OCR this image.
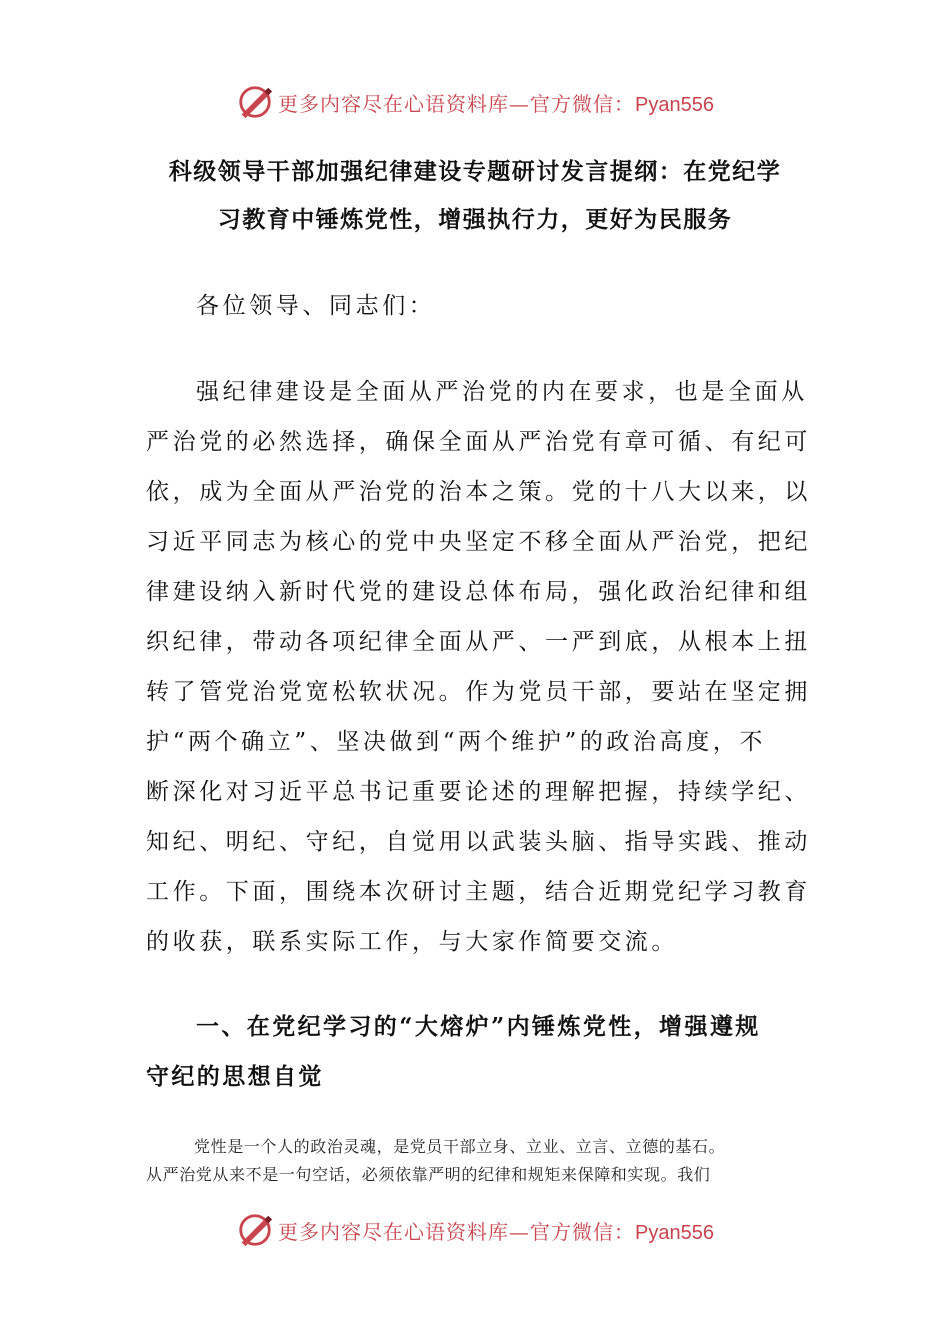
更多内容尽在心语资料库—官方微信：Pyan556
科级领导干部加强纪律建设专题研讨发言提纲：在党纪学
习教育中锤炼党性，增强执行力，更好为民服务
各位领导、同志们：
强纪律建设是全面从严治党的内在要求，也是全面从
严治党的必然选择，确保全面从严治党有章可循、有纪可
依，成为全面从严治党的治本之策。党的十八大以来，以
习近平同志为核心的党中央坚定不移全面从严治党，把纪
律建设纳入新时代党的建设总体布局，强化政治纪律和组
织纪律，带动各项纪律全面从严、一严到底，从根本上扭
转了管党治党宽松软状况。作为党员干部，要站在坚定拥
护“两个确立”、坚决做到“两个维护”的政治高度，不
断深化对习近平总书记重要论述的理解把握，持续学纪、
知纪、明纪、守纪，自觉用以武装头脑、指导实践、推动
工作。下面，围绕本次研讨主题，结合近期党纪学习教育
的收获，联系实际工作，与大家作简要交流。
一、在党纪学习的“大熔炉”内锤炼党性，增强遵规
守纪的思想自觉
党性是一个人的政治灵魂，是党员干部立身、立业、立言、立德的基石。
从严治党从来不是一句空话，必须依靠严明的纪律和规矩来保障和实现。我们
更多内容尽在心语资料库—官方微信：Pyan556
